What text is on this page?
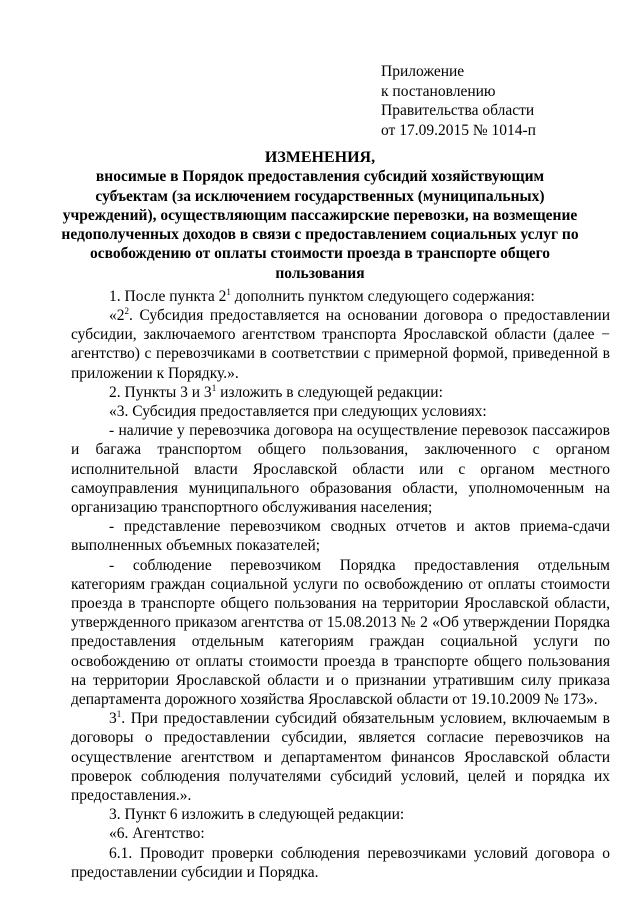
Приложение
к постановлению
Правительства области
от 17.09.2015 № 1014-п
ИЗМЕНЕНИЯ,
вносимые в Порядок предоставления субсидий хозяйствующим субъектам (за исключением государственных (муниципальных) учреждений), осуществляющим пассажирские перевозки, на возмещение недополученных доходов в связи с предоставлением социальных услуг по освобождению от оплаты стоимости проезда в транспорте общего пользования

1. После пункта $2^1$ дополнить пунктом следующего содержания:

«$2^2$. Субсидия предоставляется на основании договора о предоставлении субсидии, заключаемого агентством транспорта Ярославской области (далее − агентство) с перевозчиками в соответствии с примерной формой, приведенной в приложении к Порядку.».

2. Пункты 3 и $3^1$ изложить в следующей редакции:

«3. Субсидия предоставляется при следующих условиях:

- наличие у перевозчика договора на осуществление перевозок пассажиров и багажа транспортом общего пользования, заключенного с органом исполнительной власти Ярославской области или с органом местного самоуправления муниципального образования области, уполномоченным на организацию транспортного обслуживания населения;

- представление перевозчиком сводных отчетов и актов приема-сдачи выполненных объемных показателей;

- соблюдение перевозчиком Порядка предоставления отдельным категориям граждан социальной услуги по освобождению от оплаты стоимости проезда в транспорте общего пользования на территории Ярославской области, утвержденного приказом агентства от 15.08.2013 № 2 «Об утверждении Порядка предоставления отдельным категориям граждан социальной услуги по освобождению от оплаты стоимости проезда в транспорте общего пользования на территории Ярославской области и о признании утратившим силу приказа департамента дорожного хозяйства Ярославской области от 19.10.2009 № 173».

$3^1$. При предоставлении субсидий обязательным условием, включаемым в договоры о предоставлении субсидии, является согласие перевозчиков на осуществление агентством и департаментом финансов Ярославской области проверок соблюдения получателями субсидий условий, целей и порядка их предоставления.».

3. Пункт 6 изложить в следующей редакции:

«6. Агентство:

6.1. Проводит проверки соблюдения перевозчиками условий договора о предоставлении субсидии и Порядка.
